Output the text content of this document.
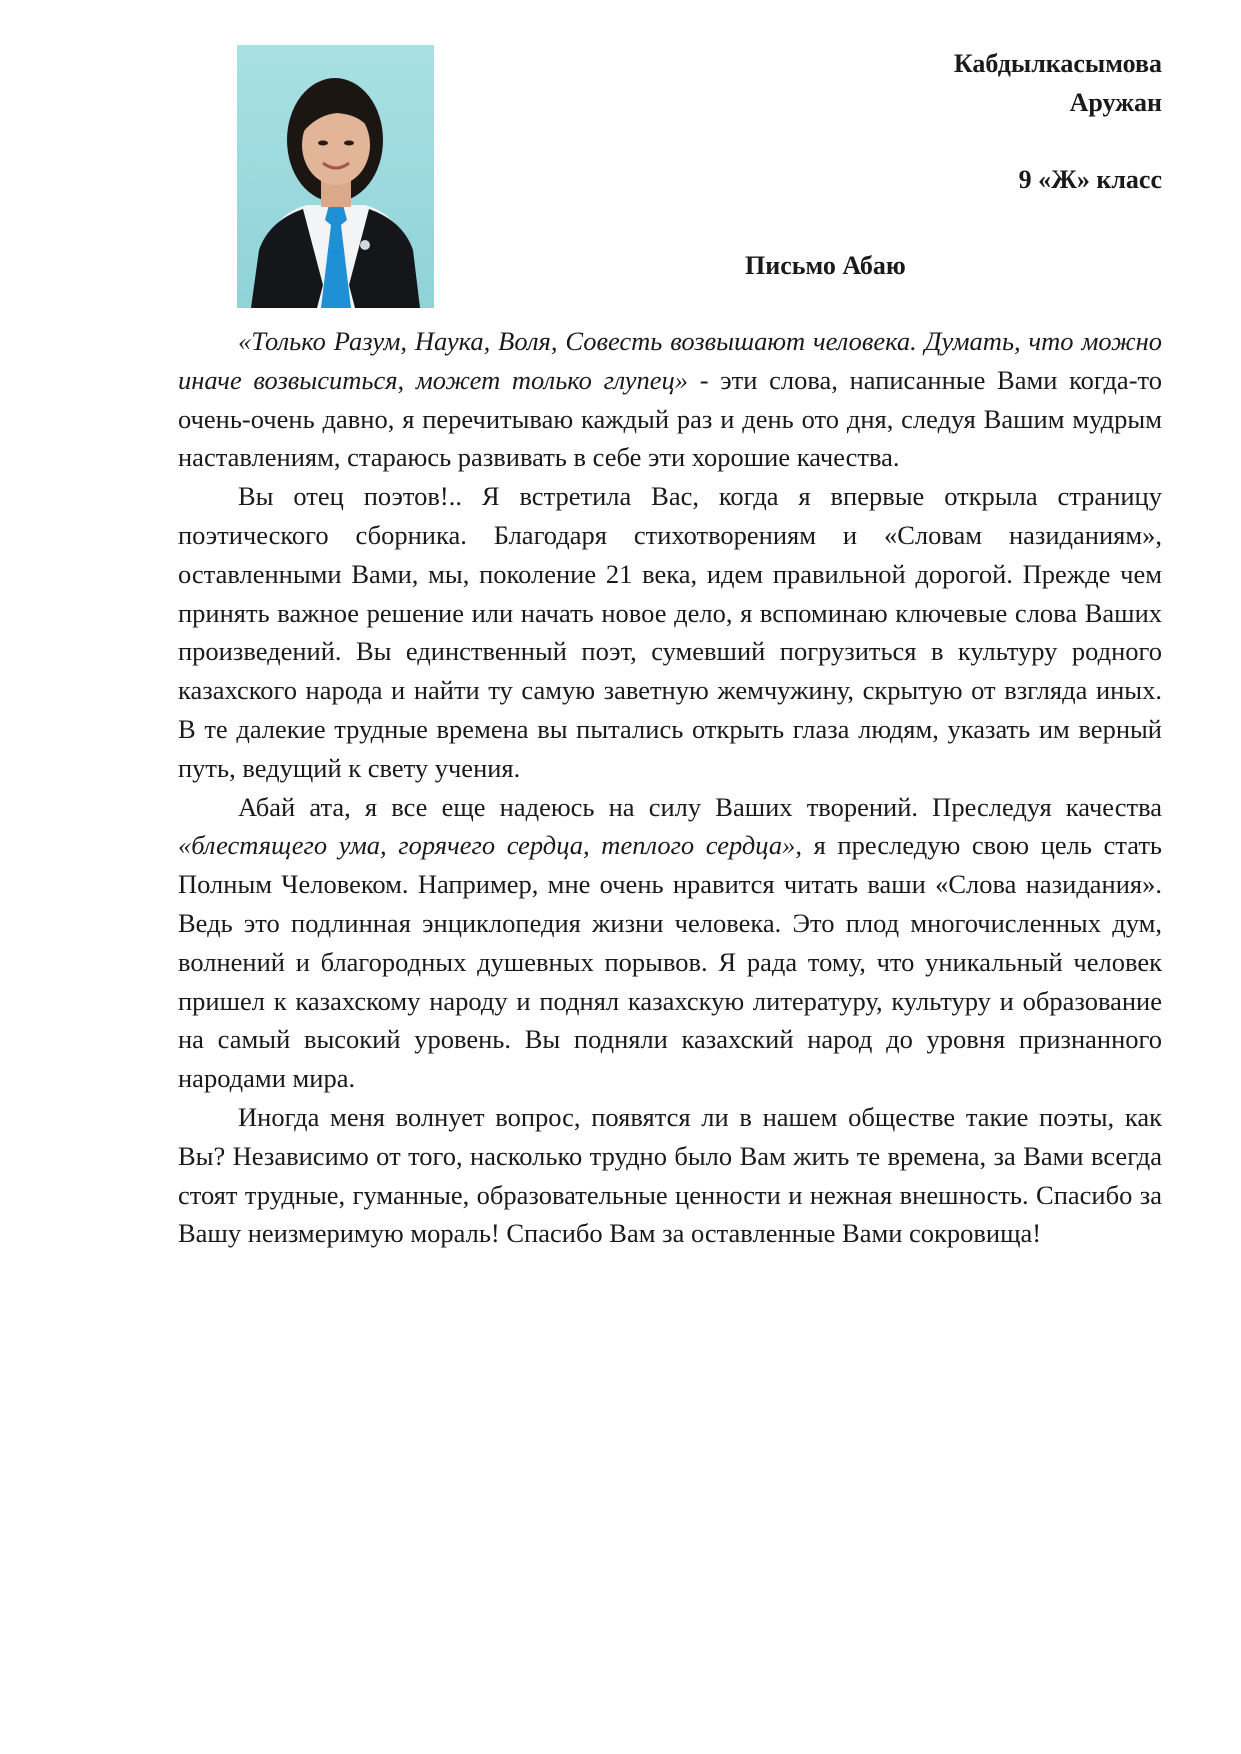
Кабдылкасымова
Аружан
9 «Ж» класс
Письмо Абаю

«Только Разум, Наука, Воля, Совесть возвышают человека. Думать, что можно иначе возвыситься, может только глупец» - эти слова, написанные Вами когда-то очень-очень давно, я перечитываю каждый раз и день ото дня, следуя Вашим мудрым наставлениям, стараюсь развивать в себе эти хорошие качества.

Вы отец поэтов!.. Я встретила Вас, когда я впервые открыла страницу поэтического сборника. Благодаря стихотворениям и «Словам назиданиям», оставленными Вами, мы, поколение 21 века, идем правильной дорогой. Прежде чем принять важное решение или начать новое дело, я вспоминаю ключевые слова Ваших произведений. Вы единственный поэт, сумевший погрузиться в культуру родного казахского народа и найти ту самую заветную жемчужину, скрытую от взгляда иных. В те далекие трудные времена вы пытались открыть глаза людям, указать им верный путь, ведущий к свету учения.

Абай ата, я все еще надеюсь на силу Ваших творений. Преследуя качества «блестящего ума, горячего сердца, теплого сердца», я преследую свою цель стать Полным Человеком. Например, мне очень нравится читать ваши «Слова назидания». Ведь это подлинная энциклопедия жизни человека. Это плод многочисленных дум, волнений и благородных душевных порывов. Я рада тому, что уникальный человек пришел к казахскому народу и поднял казахскую литературу, культуру и образование на самый высокий уровень. Вы подняли казахский народ до уровня признанного народами мира.

Иногда меня волнует вопрос, появятся ли в нашем обществе такие поэты, как Вы? Независимо от того, насколько трудно было Вам жить те времена, за Вами всегда стоят трудные, гуманные, образовательные ценности и нежная внешность. Спасибо за Вашу неизмеримую мораль! Спасибо Вам за оставленные Вами сокровища!
